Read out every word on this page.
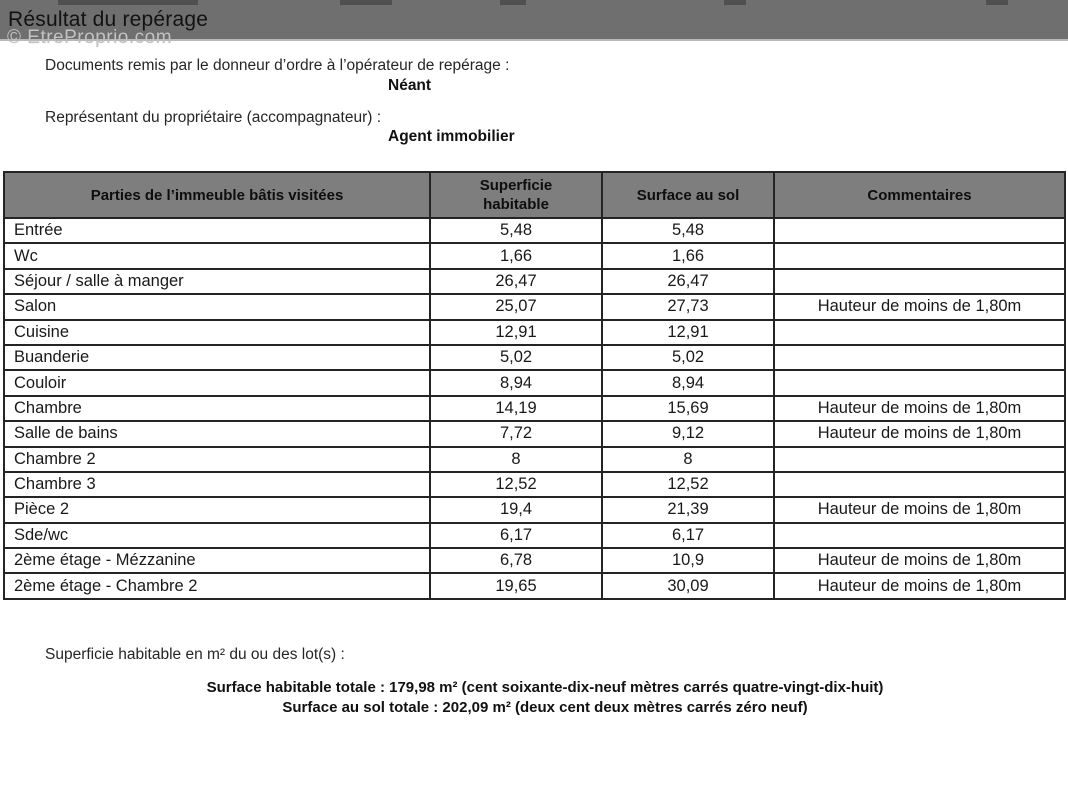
Résultat du repérage
© EtreProprio.com
Documents remis par le donneur d’ordre à l’opérateur de repérage :
Néant
Représentant du propriétaire (accompagnateur) :
Agent immobilier
Parties de l’immeuble bâtis visitées	Superficie habitable	Surface au sol	Commentaires
Entrée	5,48	5,48	
Wc	1,66	1,66	
Séjour / salle à manger	26,47	26,47	
Salon	25,07	27,73	Hauteur de moins de 1,80m
Cuisine	12,91	12,91	
Buanderie	5,02	5,02	
Couloir	8,94	8,94	
Chambre	14,19	15,69	Hauteur de moins de 1,80m
Salle de bains	7,72	9,12	Hauteur de moins de 1,80m
Chambre 2	8	8	
Chambre 3	12,52	12,52	
Pièce 2	19,4	21,39	Hauteur de moins de 1,80m
Sde/wc	6,17	6,17	
2ème étage - Mézzanine	6,78	10,9	Hauteur de moins de 1,80m
2ème étage - Chambre 2	19,65	30,09	Hauteur de moins de 1,80m
Superficie habitable en m² du ou des lot(s) :
Surface habitable totale : 179,98 m² (cent soixante-dix-neuf mètres carrés quatre-vingt-dix-huit)
Surface au sol totale : 202,09 m² (deux cent deux mètres carrés zéro neuf)
